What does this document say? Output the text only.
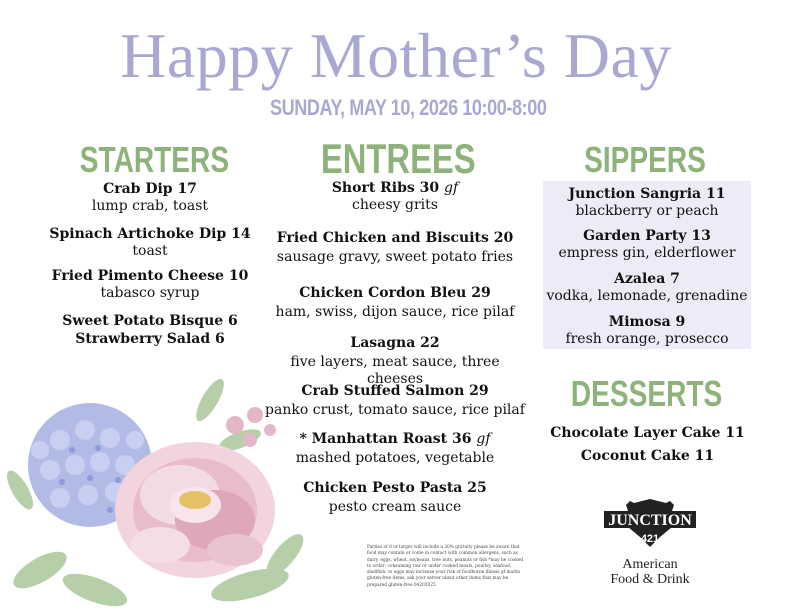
Happy Mother’s Day
SUNDAY, MAY 10, 2026 10:00-8:00
STARTERS
Crab Dip 17
lump crab, toast
Spinach Artichoke Dip 14
toast
Fried Pimento Cheese 10
tabasco syrup
Sweet Potato Bisque 6
Strawberry Salad 6
ENTREES
Short Ribs 30 gf
cheesy grits
Fried Chicken and Biscuits 20
sausage gravy, sweet potato fries
Chicken Cordon Bleu 29
ham, swiss, dijon sauce, rice pilaf
Lasagna 22
five layers, meat sauce, three cheeses
Crab Stuffed Salmon 29
panko crust, tomato sauce, rice pilaf
* Manhattan Roast 36 gf
mashed potatoes, vegetable
Chicken Pesto Pasta 25
pesto cream sauce
SIPPERS
Junction Sangria 11
blackberry or peach
Garden Party 13
empress gin, elderflower
Azalea 7
vodka, lemonade, grenadine
Mimosa 9
fresh orange, prosecco
DESSERTS
Chocolate Layer Cake 11
Coconut Cake 11
Parties of 8 or larger will include a 20% gratuity please be aware that food may contain or come in contact with common allergens, such as dairy, eggs, wheat, soybeans, tree nuts, peanuts or fish *may be cooked to order; consuming raw or under cooked meats, poultry, seafood, shellfish, or eggs may increase your risk of foodborne illness gf marks gluten-free items, ask your server about other items that may be prepared gluten-free 04202025
JUNCTION
421
American
Food & Drink
